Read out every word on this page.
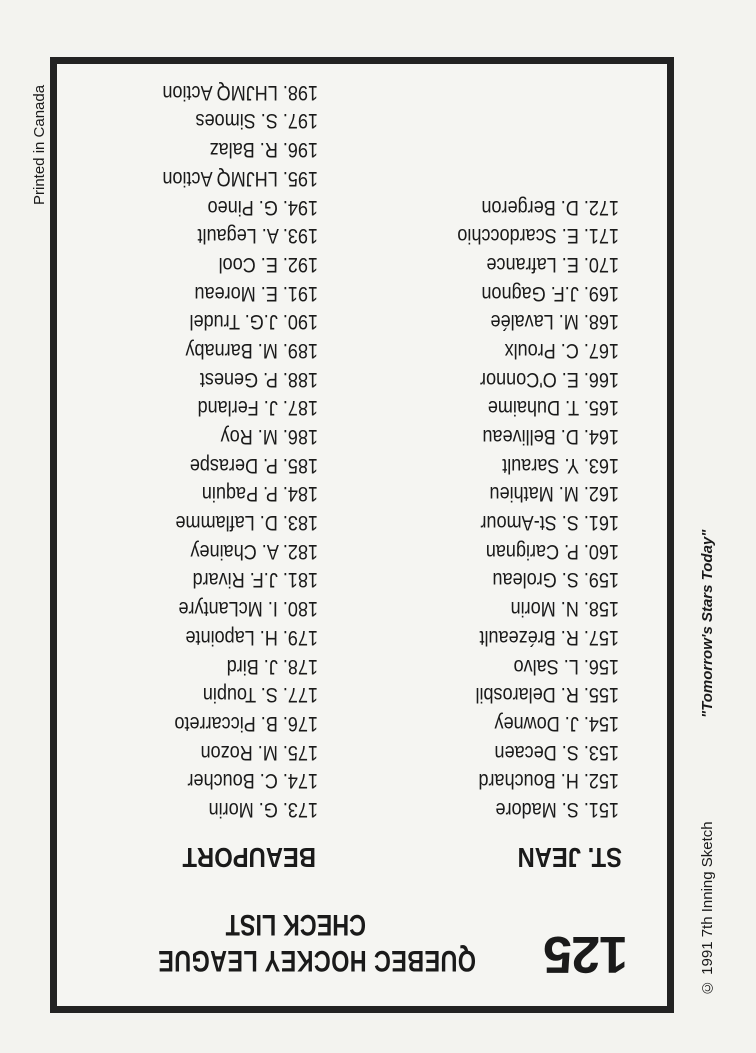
125
QUEBEC HOCKEY LEAGUE
CHECK LIST
ST. JEAN
BEAUPORT
151. S. Madore
152. H. Bouchard
153. S. Decaen
154. J. Downey
155. R. Delarosbil
156. L. Salvo
157. R. Brézeault
158. N. Morin
159. S. Groleau
160. P. Carignan
161. S. St-Amour
162. M. Mathieu
163. Y. Sarault
164. D. Belliveau
165. T. Duhaime
166. E. O'Connor
167. C. Proulx
168. M. Lavalée
169. J.F. Gagnon
170. E. Lafrance
171. E. Scardocchio
172. D. Bergeron
173. G. Morin
174. C. Boucher
175. M. Rozon
176. B. Piccarreto
177. S. Toupin
178. J. Bird
179. H. Lapointe
180. I. McLantyre
181. J.F. Rivard
182. A. Chainey
183. D. Laflamme
184. P. Paquin
185. P. Deraspe
186. M. Roy
187. J. Ferland
188. P. Genest
189. M. Barnaby
190. J.G. Trudel
191. E. Moreau
192. E. Cool
193. A. Legault
194. G. Pineo
195. LHJMQ Action
196. R. Balaz
197. S. Simoes
198. LHJMQ Action
© 1991 7th Inning Sketch
"Tomorrow's Stars Today"
Printed in Canada
